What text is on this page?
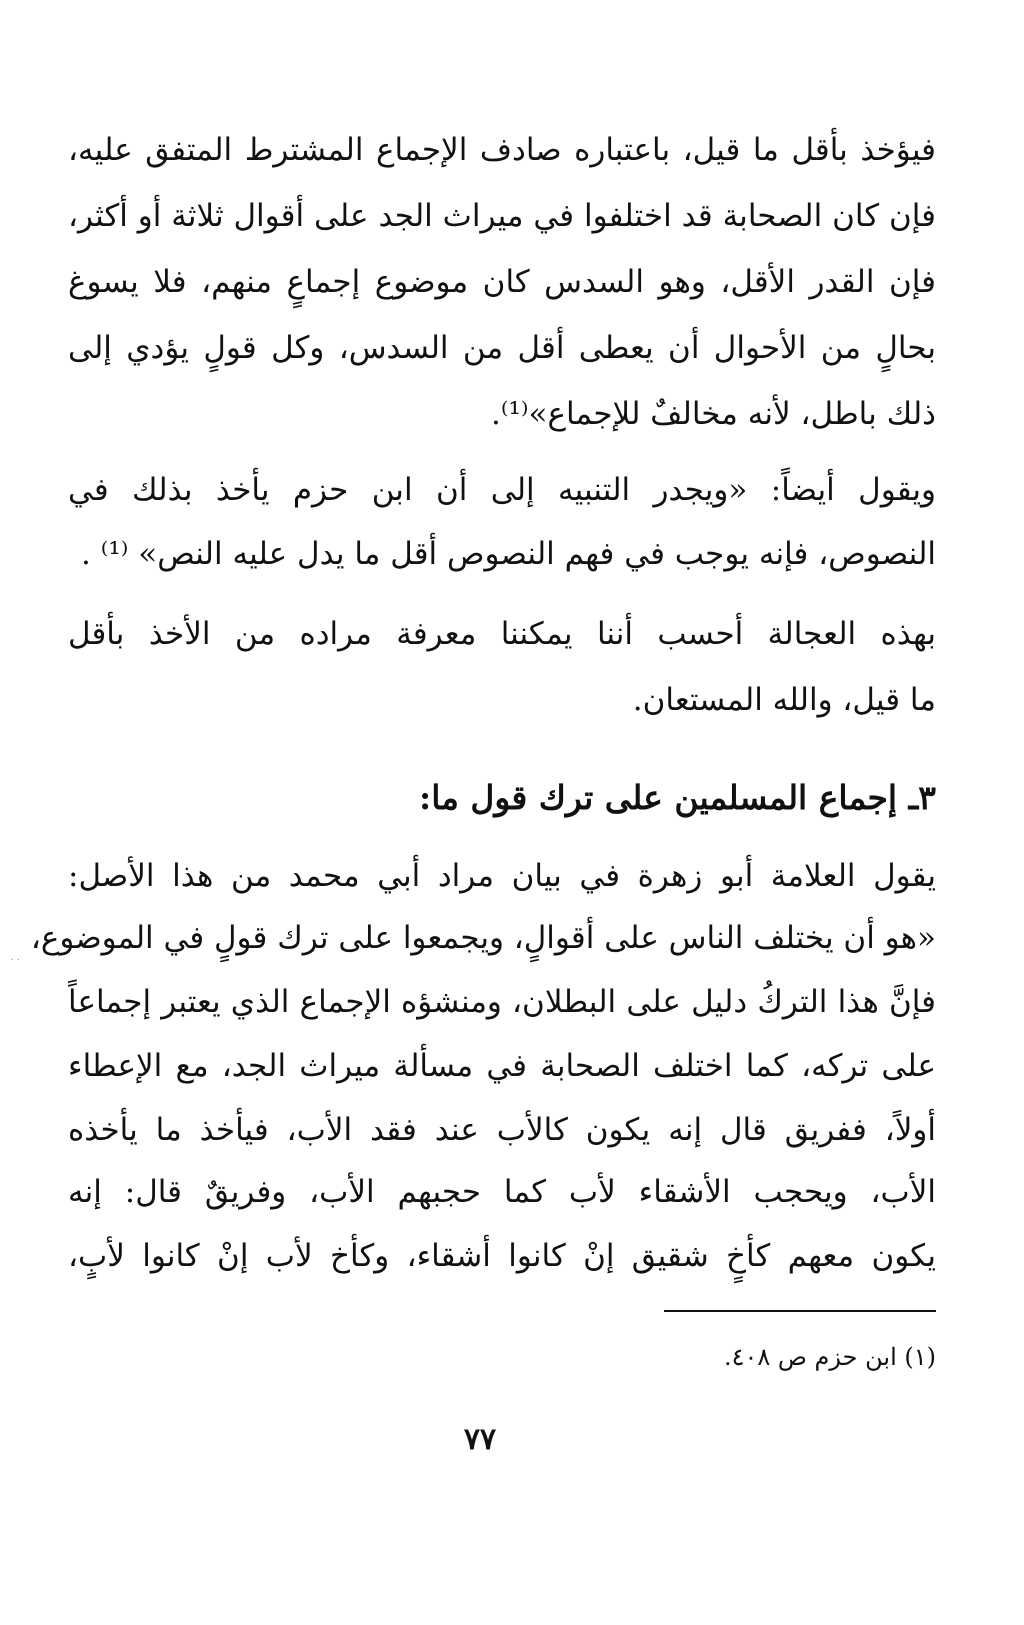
فيؤخذ بأقل ما قيل، باعتباره صادف الإجماع المشترط المتفق عليه،
فإن كان الصحابة قد اختلفوا في ميراث الجد على أقوال ثلاثة أو أكثر،
فإن القدر الأقل، وهو السدس كان موضوع إجماعٍ منهم، فلا يسوغ
بحالٍ من الأحوال أن يعطى أقل من السدس، وكل قولٍ يؤدي إلى
ذلك باطل، لأنه مخالفٌ للإجماع»⁽¹⁾.
ويقول أيضاً: «ويجدر التنبيه إلى أن ابن حزم يأخذ بذلك في
النصوص، فإنه يوجب في فهم النصوص أقل ما يدل عليه النص» ⁽¹⁾ .
بهذه العجالة أحسب أننا يمكننا معرفة مراده من الأخذ بأقل
ما قيل، والله المستعان.
٣ـ إجماع المسلمين على ترك قول ما:
يقول العلامة أبو زهرة في بيان مراد أبي محمد من هذا الأصل:
«هو أن يختلف الناس على أقوالٍ، ويجمعوا على ترك قولٍ في الموضوع،
فإنَّ هذا التركُ دليل على البطلان، ومنشؤه الإجماع الذي يعتبر إجماعاً
على تركه، كما اختلف الصحابة في مسألة ميراث الجد، مع الإعطاء
أولاً، ففريق قال إنه يكون كالأب عند فقد الأب، فيأخذ ما يأخذه
الأب، ويحجب الأشقاء لأب كما حجبهم الأب، وفريقٌ قال: إنه
يكون معهم كأخٍ شقيق إنْ كانوا أشقاء، وكأخ لأب إنْ كانوا لأبٍ،
(١) ابن حزم ص ٤٠٨.
٧٧
· ·
